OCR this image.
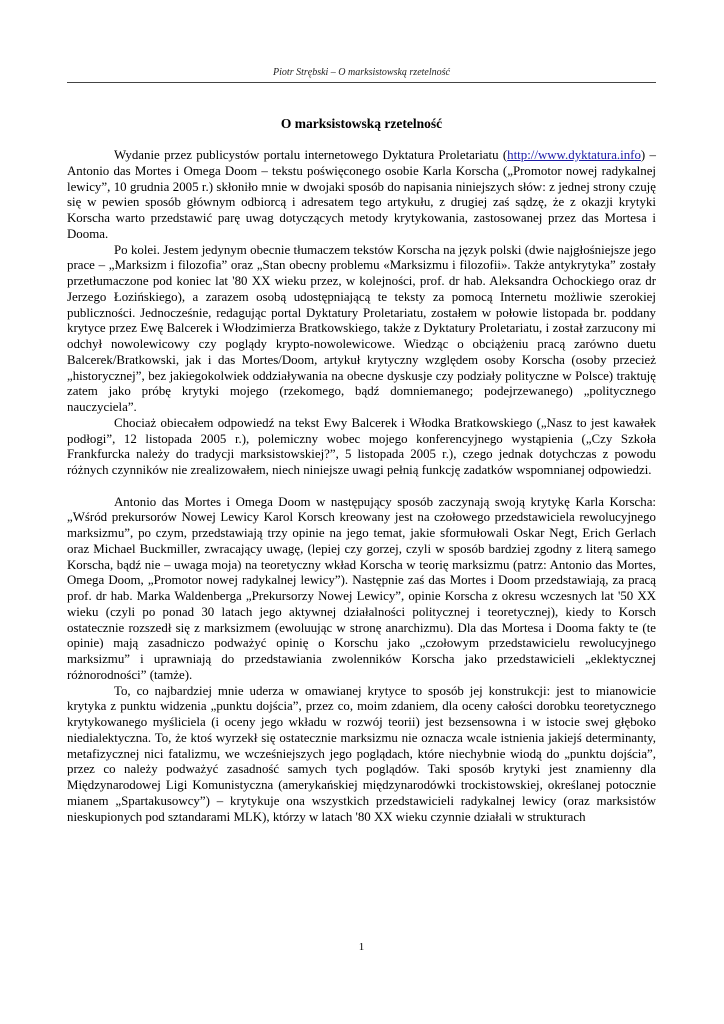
Piotr Strębski – O marksistowską rzetelność
O marksistowską rzetelność

Wydanie przez publicystów portalu internetowego Dyktatura Proletariatu (http://www.dyktatura.info) – Antonio das Mortes i Omega Doom – tekstu poświęconego osobie Karla Korscha („Promotor nowej radykalnej lewicy”, 10 grudnia 2005 r.) skłoniło mnie w dwojaki sposób do napisania niniejszych słów: z jednej strony czuję się w pewien sposób głównym odbiorcą i adresatem tego artykułu, z drugiej zaś sądzę, że z okazji krytyki Korscha warto przedstawić parę uwag dotyczących metody krytykowania, zastosowanej przez das Mortesa i Dooma.

Po kolei. Jestem jedynym obecnie tłumaczem tekstów Korscha na język polski (dwie najgłośniejsze jego prace – „Marksizm i filozofia” oraz „Stan obecny problemu «Marksizmu i filozofii». Także antykrytyka” zostały przetłumaczone pod koniec lat '80 XX wieku przez, w kolejności, prof. dr hab. Aleksandra Ochockiego oraz dr Jerzego Łozińskiego), a zarazem osobą udostępniającą te teksty za pomocą Internetu możliwie szerokiej publiczności. Jednocześnie, redagując portal Dyktatury Proletariatu, zostałem w połowie listopada br. poddany krytyce przez Ewę Balcerek i Włodzimierza Bratkowskiego, także z Dyktatury Proletariatu, i został zarzucony mi odchył nowolewicowy czy poglądy krypto-nowolewicowe. Wiedząc o obciążeniu pracą zarówno duetu Balcerek/Bratkowski, jak i das Mortes/Doom, artykuł krytyczny względem osoby Korscha (osoby przecież „historycznej”, bez jakiegokolwiek oddziaływania na obecne dyskusje czy podziały polityczne w Polsce) traktuję zatem jako próbę krytyki mojego (rzekomego, bądź domniemanego; podejrzewanego) „politycznego nauczyciela”.

Chociaż obiecałem odpowiedź na tekst Ewy Balcerek i Włodka Bratkowskiego („Nasz to jest kawałek podłogi”, 12 listopada 2005 r.), polemiczny wobec mojego konferencyjnego wystąpienia („Czy Szkoła Frankfurcka należy do tradycji marksistowskiej?”, 5 listopada 2005 r.), czego jednak dotychczas z powodu różnych czynników nie zrealizowałem, niech niniejsze uwagi pełnią funkcję zadatków wspomnianej odpowiedzi.

Antonio das Mortes i Omega Doom w następujący sposób zaczynają swoją krytykę Karla Korscha: „Wśród prekursorów Nowej Lewicy Karol Korsch kreowany jest na czołowego przedstawiciela rewolucyjnego marksizmu”, po czym, przedstawiają trzy opinie na jego temat, jakie sformułowali Oskar Negt, Erich Gerlach oraz Michael Buckmiller, zwracający uwagę, (lepiej czy gorzej, czyli w sposób bardziej zgodny z literą samego Korscha, bądź nie – uwaga moja) na teoretyczny wkład Korscha w teorię marksizmu (patrz: Antonio das Mortes, Omega Doom, „Promotor nowej radykalnej lewicy”). Następnie zaś das Mortes i Doom przedstawiają, za pracą prof. dr hab. Marka Waldenberga „Prekursorzy Nowej Lewicy”, opinie Korscha z okresu wczesnych lat '50 XX wieku (czyli po ponad 30 latach jego aktywnej działalności politycznej i teoretycznej), kiedy to Korsch ostatecznie rozszedł się z marksizmem (ewoluując w stronę anarchizmu). Dla das Mortesa i Dooma fakty te (te opinie) mają zasadniczo podważyć opinię o Korschu jako „czołowym przedstawicielu rewolucyjnego marksizmu” i uprawniają do przedstawiania zwolenników Korscha jako przedstawicieli „eklektycznej różnorodności” (tamże).

To, co najbardziej mnie uderza w omawianej krytyce to sposób jej konstrukcji: jest to mianowicie krytyka z punktu widzenia „punktu dojścia”, przez co, moim zdaniem, dla oceny całości dorobku teoretycznego krytykowanego myśliciela (i oceny jego wkładu w rozwój teorii) jest bezsensowna i w istocie swej głęboko niedialektyczna. To, że ktoś wyrzekł się ostatecznie marksizmu nie oznacza wcale istnienia jakiejś determinanty, metafizycznej nici fatalizmu, we wcześniejszych jego poglądach, które niechybnie wiodą do „punktu dojścia”, przez co należy podważyć zasadność samych tych poglądów. Taki sposób krytyki jest znamienny dla Międzynarodowej Ligi Komunistyczna (amerykańskiej międzynarodówki trockistowskiej, określanej potocznie mianem „Spartakusowcy”) – krytykuje ona wszystkich przedstawicieli radykalnej lewicy (oraz marksistów nieskupionych pod sztandarami MLK), którzy w latach '80 XX wieku czynnie działali w strukturach

1
